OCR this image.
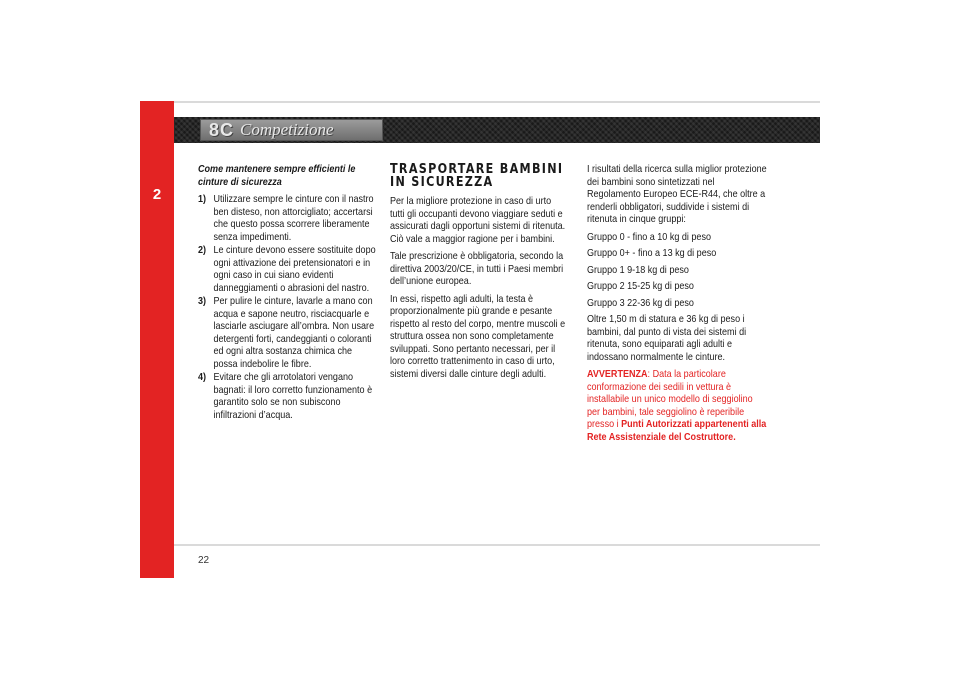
2
8C Competizione

Come mantenere sempre efficienti le cinture di sicurezza

1) Utilizzare sempre le cinture con il nastro ben disteso, non attorcigliato; accertarsi che questo possa scorrere liberamente senza impedimenti.
2) Le cinture devono essere sostituite dopo ogni attivazione dei pretensionatori e in ogni caso in cui siano evidenti danneggiamenti o abrasioni del nastro.
3) Per pulire le cinture, lavarle a mano con acqua e sapone neutro, risciacquarle e lasciarle asciugare all’ombra. Non usare detergenti forti, candeggianti o coloranti ed ogni altra sostanza chimica che possa indebolire le fibre.
4) Evitare che gli arrotolatori vengano bagnati: il loro corretto funzionamento è garantito solo se non subiscono infiltrazioni d’acqua.
TRASPORTARE BAMBINI IN SICUREZZA

Per la migliore protezione in caso di urto tutti gli occupanti devono viaggiare seduti e assicurati dagli opportuni sistemi di ritenuta. Ciò vale a maggior ragione per i bambini.

Tale prescrizione è obbligatoria, secondo la direttiva 2003/20/CE, in tutti i Paesi membri dell’unione europea.

In essi, rispetto agli adulti, la testa è proporzionalmente più grande e pesante rispetto al resto del corpo, mentre muscoli e struttura ossea non sono completamente sviluppati. Sono pertanto necessari, per il loro corretto trattenimento in caso di urto, sistemi diversi dalle cinture degli adulti.

I risultati della ricerca sulla miglior protezione dei bambini sono sintetizzati nel Regolamento Europeo ECE-R44, che oltre a renderli obbligatori, suddivide i sistemi di ritenuta in cinque gruppi:

Gruppo 0 - fino a 10 kg di peso

Gruppo 0+ - fino a 13 kg di peso

Gruppo 1 9-18 kg di peso

Gruppo 2 15-25 kg di peso

Gruppo 3 22-36 kg di peso

Oltre 1,50 m di statura e 36 kg di peso i bambini, dal punto di vista dei sistemi di ritenuta, sono equiparati agli adulti e indossano normalmente le cinture.

AVVERTENZA: Data la particolare conformazione dei sedili in vettura è installabile un unico modello di seggiolino per bambini, tale seggiolino è reperibile presso i Punti Autorizzati appartenenti alla Rete Assistenziale del Costruttore.

22
